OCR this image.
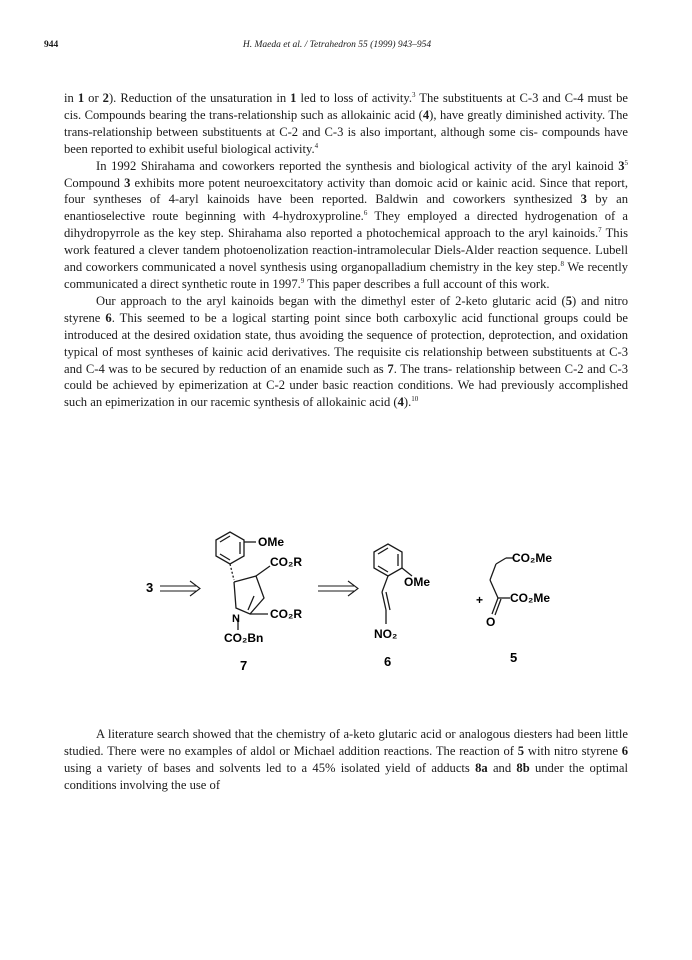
944	H. Maeda et al. / Tetrahedron 55 (1999) 943–954

in 1 or 2). Reduction of the unsaturation in 1 led to loss of activity.$^3$ The substituents at C-3 and C-4 must be cis. Compounds bearing the trans-relationship such as allokainic acid (4), have greatly diminished activity. The trans-relationship between substituents at C-2 and C-3 is also important, although some cis- compounds have been reported to exhibit useful biological activity.$^4$

In 1992 Shirahama and coworkers reported the synthesis and biological activity of the aryl kainoid $3^5$ Compound 3 exhibits more potent neuroexcitatory activity than domoic acid or kainic acid. Since that report, four syntheses of 4-aryl kainoids have been reported. Baldwin and coworkers synthesized 3 by an enantioselective route beginning with 4-hydroxyproline.$^6$ They employed a directed hydrogenation of a dihydropyrrole as the key step. Shirahama also reported a photochemical approach to the aryl kainoids.$^7$ This work featured a clever tandem photoenolization reaction-intramolecular Diels-Alder reaction sequence. Lubell and coworkers communicated a novel synthesis using organopalladium chemistry in the key step.$^8$ We recently communicated a direct synthetic route in 1997.$^9$ This paper describes a full account of this work.

Our approach to the aryl kainoids began with the dimethyl ester of 2-keto glutaric acid (5) and nitro styrene 6. This seemed to be a logical starting point since both carboxylic acid functional groups could be introduced at the desired oxidation state, thus avoiding the sequence of protection, deprotection, and oxidation typical of most syntheses of kainic acid derivatives. The requisite cis relationship between substituents at C-3 and C-4 was to be secured by reduction of an enamide such as 7. The trans- relationship between C-2 and C-3 could be achieved by epimerization at C-2 under basic reaction conditions. We had previously accomplished such an epimerization in our racemic synthesis of allokainic acid (4).$^{10}$

3
OMe
CO₂R
CO₂R
N
CO₂Bn
7
OMe
NO₂
6
+
CO₂Me
CO₂Me
O
5

A literature search showed that the chemistry of a-keto glutaric acid or analogous diesters had been little studied. There were no examples of aldol or Michael addition reactions. The reaction of 5 with nitro styrene 6 using a variety of bases and solvents led to a 45% isolated yield of adducts 8a and 8b under the optimal conditions involving the use of
